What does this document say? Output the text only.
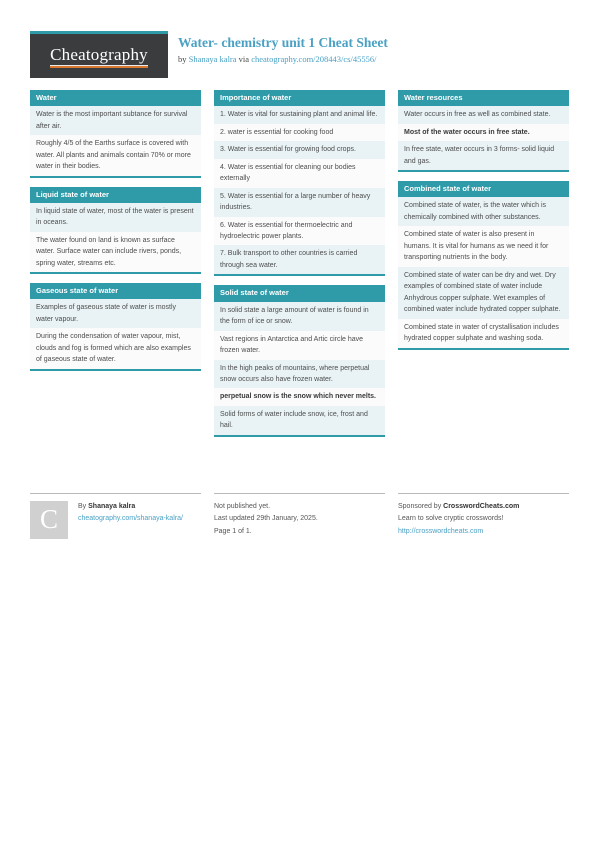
Cheatography
Water- chemistry unit 1 Cheat Sheet
by Shanaya kalra via cheatography.com/208443/cs/45556/
Water
Water is the most important subtance for survival after air.
Roughly 4/5 of the Earths surface is covered with water. All plants and animals contain 70% or more water in their bodies.
Liquid state of water
In liquid state of water, most of the water is present in oceans.
The water found on land is known as surface water. Surface water can include rivers, ponds, spring water, streams etc.
Gaseous state of water
Examples of gaseous state of water is mostly water vapour.
During the condensation of water vapour, mist, clouds and fog is formed which are also examples of gaseous state of water.
Importance of water
1. Water is vital for sustaining plant and animal life.
2. water is essential for cooking food
3. Water is essential for growing food crops.
4. Water is essential for cleaning our bodies externally
5. Water is essential for a large number of heavy industries.
6. Water is essential for thermoelectric and hydroelectric power plants.
7. Bulk transport to other countries is carried through sea water.
Solid state of water
In solid state a large amount of water is found in the form of ice or snow.
Vast regions in Antarctica and Artic circle have frozen water.
In the high peaks of mountains, where perpetual snow occurs also have frozen water.
perpetual snow is the snow which never melts.
Solid forms of water include snow, ice, frost and hail.
Water resources
Water occurs in free as well as combined state.
Most of the water occurs in free state.
In free state, water occurs in 3 forms- solid liquid and gas.
Combined state of water
Combined state of water, is the water which is chemically combined with other substances.
Combined state of water is also present in humans. It is vital for humans as we need it for transporting nutrients in the body.
Combined state of water can be dry and wet. Dry examples of combined state of water include Anhydrous copper sulphate. Wet examples of combined water include hydrated copper sulphate.
Combined state in water of crystallisation includes hydrated copper sulphate and washing soda.
C	By Shanaya kalra
cheatography.com/shanaya-kalra/
Not published yet.
Last updated 29th January, 2025.
Page 1 of 1.
Sponsored by CrosswordCheats.com
Learn to solve cryptic crosswords!
http://crosswordcheats.com
